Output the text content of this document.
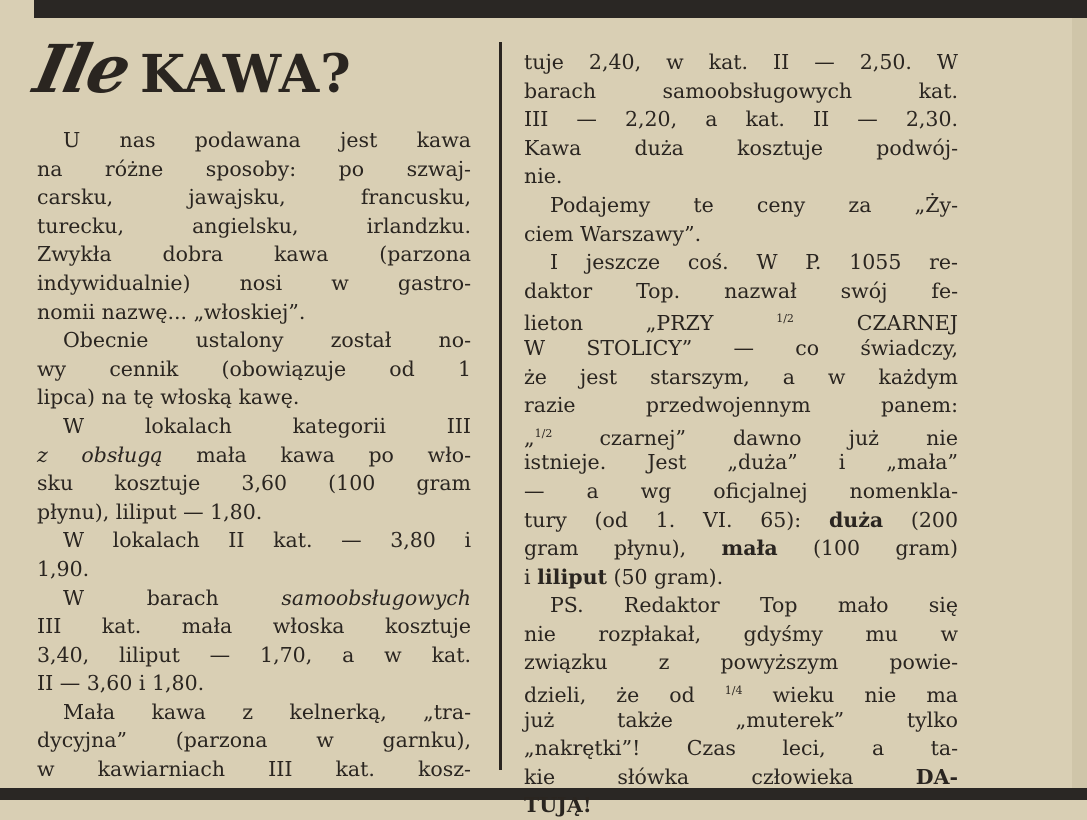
IleKAWA?
U nas podawana jest kawa
na różne sposoby: po szwaj-
carsku, jawajsku, francusku,
turecku, angielsku, irlandzku.
Zwykła dobra kawa (parzona
indywidualnie) nosi w gastro-
nomii nazwę... „włoskiej”.
Obecnie ustalony został no-
wy cennik (obowiązuje od 1
lipca) na tę włoską kawę.
W lokalach kategorii III
z obsługą mała kawa po wło-
sku kosztuje 3,60 (100 gram
płynu), liliput — 1,80.
W lokalach II kat. — 3,80 i
1,90.
W barach samoobsługowych
III kat. mała włoska kosztuje
3,40, liliput — 1,70, a w kat.
II — 3,60 i 1,80.
Mała kawa z kelnerką, „tra-
dycyjna” (parzona w garnku),
w kawiarniach III kat. kosz-
tuje 2,40, w kat. II — 2,50. W
barach samoobsługowych kat.
III — 2,20, a kat. II — 2,30.
Kawa duża kosztuje podwój-
nie.
Podajemy te ceny za „Ży-
ciem Warszawy”.
I jeszcze coś. W P. 1055 re-
daktor Top. nazwał swój fe-
lieton „PRZY $^{1/2}$ CZARNEJ
W STOLICY” — co świadczy,
że jest starszym, a w każdym
razie przedwojennym panem:
„$^{1/2}$ czarnej” dawno już nie
istnieje. Jest „duża” i „mała”
— a wg oficjalnej nomenkla-
tury (od 1. VI. 65): duża (200
gram płynu), mała (100 gram)
i liliput (50 gram).
PS. Redaktor Top mało się
nie rozpłakał, gdyśmy mu w
związku z powyższym powie-
dzieli, że od $^{1/4}$ wieku nie ma
już także „muterek” tylko
„nakrętki”! Czas leci, a ta-
kie słówka człowieka DA-
TUJĄ!
